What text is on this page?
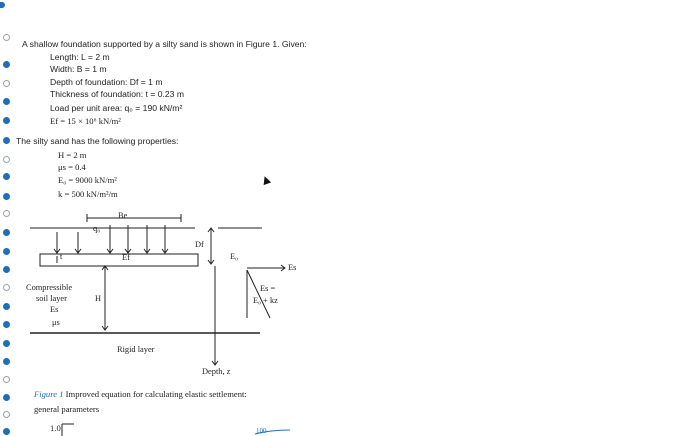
A shallow foundation supported by a silty sand is shown in Figure 1. Given:
Length: L = 2 m
Width: B = 1 m
Depth of foundation: Df = 1 m
Thickness of foundation: t = 0.23 m
Load per unit area: q₀ = 190 kN/m²
Ef = 15 × 10⁶ kN/m²
The silty sand has the following properties:
H = 2 m
μs = 0.4
E₀ = 9000 kN/m²
k = 500 kN/m²/m
Be
q₀
Df
Ef	E₀
Es
t
Compressible
soil layer
Es
μs
H
Es =
E₀ + kz
Rigid layer
Depth, z
Figure 1 Improved equation for calculating elastic settlement:
general parameters
1.0	100
